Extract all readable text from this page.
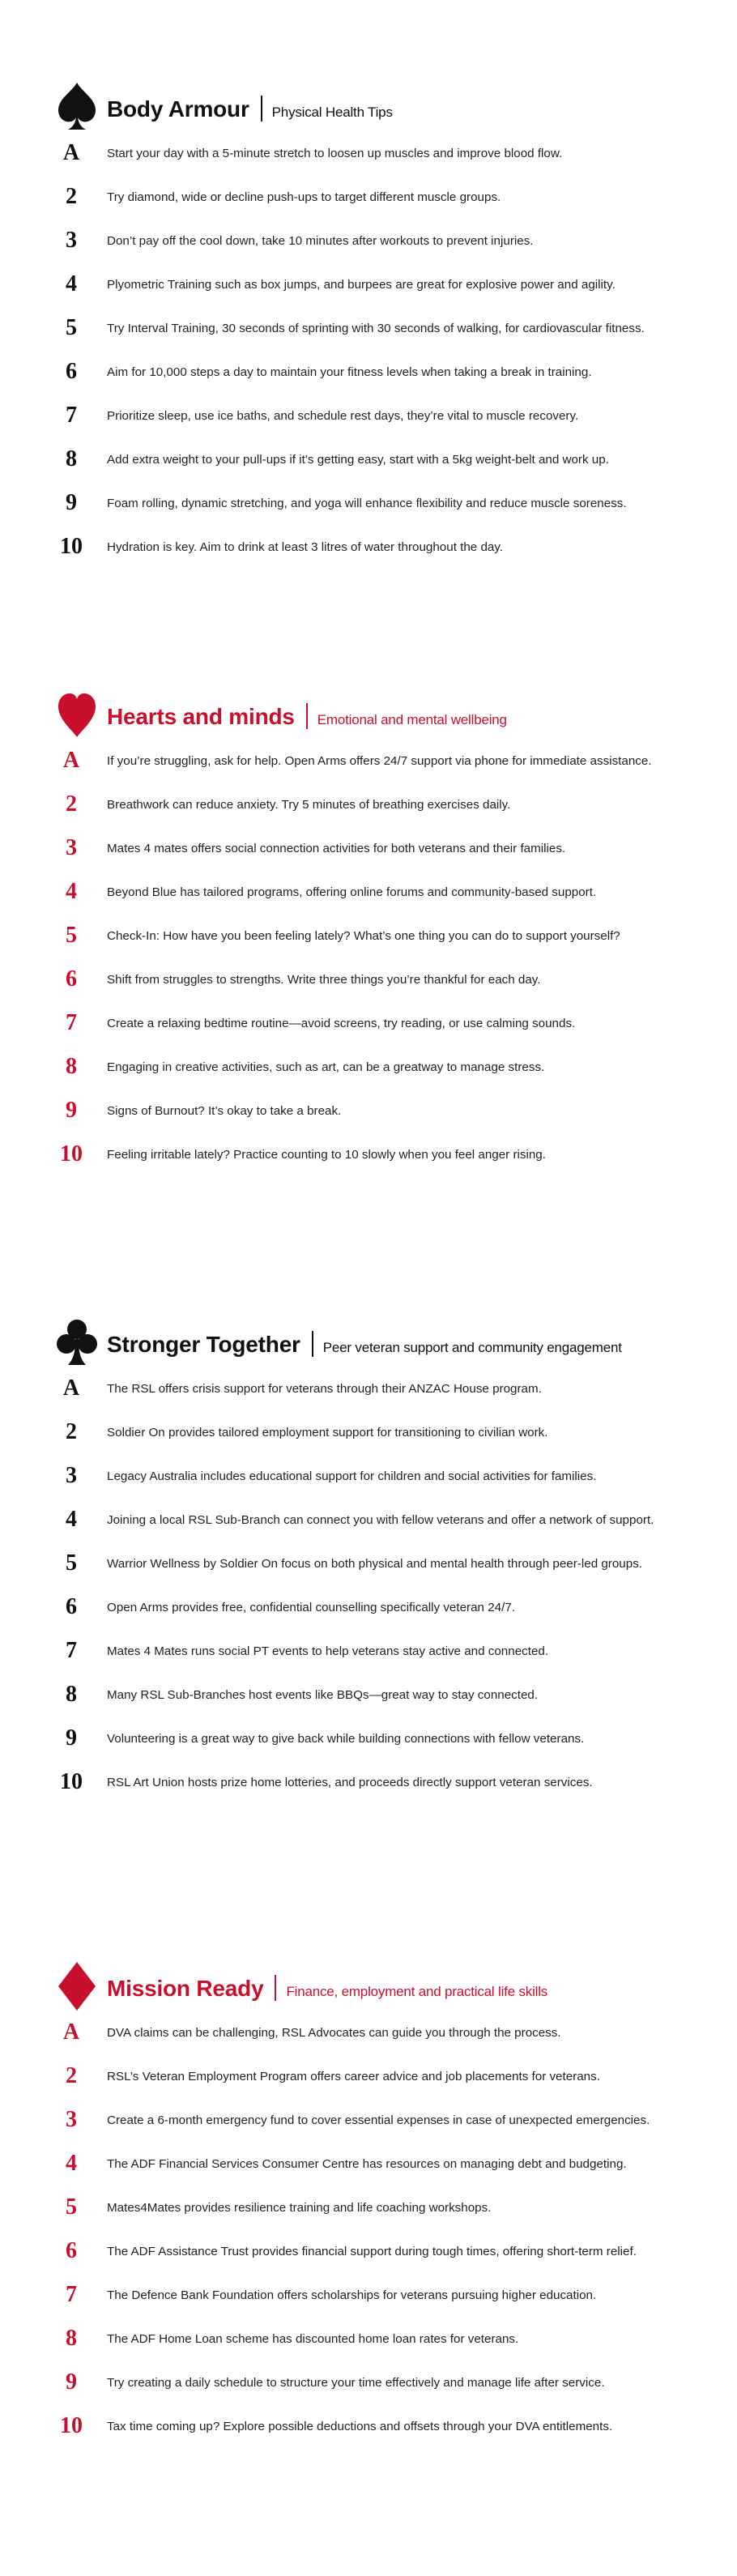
Body Armour Physical Health Tips
A	Start your day with a 5-minute stretch to loosen up muscles and improve blood flow.
2	Try diamond, wide or decline push-ups to target different muscle groups.
3	Don’t pay off the cool down, take 10 minutes after workouts to prevent injuries.
4	Plyometric Training such as box jumps, and burpees are great for explosive power and agility.
5	Try Interval Training, 30 seconds of sprinting with 30 seconds of walking, for cardiovascular fitness.
6	Aim for 10,000 steps a day to maintain your fitness levels when taking a break in training.
7	Prioritize sleep, use ice baths, and schedule rest days, they’re vital to muscle recovery.
8	Add extra weight to your pull-ups if it’s getting easy, start with a 5kg weight-belt and work up.
9	Foam rolling, dynamic stretching, and yoga will enhance flexibility and reduce muscle soreness.
10	Hydration is key. Aim to drink at least 3 litres of water throughout the day.
Hearts and minds Emotional and mental wellbeing
A	If you’re struggling, ask for help. Open Arms offers 24/7 support via phone for immediate assistance.
2	Breathwork can reduce anxiety. Try 5 minutes of breathing exercises daily.
3	Mates 4 mates offers social connection activities for both veterans and their families.
4	Beyond Blue has tailored programs, offering online forums and community-based support.
5	Check-In: How have you been feeling lately? What’s one thing you can do to support yourself?
6	Shift from struggles to strengths. Write three things you’re thankful for each day.
7	Create a relaxing bedtime routine—avoid screens, try reading, or use calming sounds.
8	Engaging in creative activities, such as art, can be a greatway to manage stress.
9	Signs of Burnout? It’s okay to take a break.
10	Feeling irritable lately? Practice counting to 10 slowly when you feel anger rising.
Stronger Together Peer veteran support and community engagement
A	The RSL offers crisis support for veterans through their ANZAC House program.
2	Soldier On provides tailored employment support for transitioning to civilian work.
3	Legacy Australia includes educational support for children and social activities for families.
4	Joining a local RSL Sub-Branch can connect you with fellow veterans and offer a network of support.
5	Warrior Wellness by Soldier On focus on both physical and mental health through peer-led groups.
6	Open Arms provides free, confidential counselling specifically veteran 24/7.
7	Mates 4 Mates runs social PT events to help veterans stay active and connected.
8	Many RSL Sub-Branches host events like BBQs—great way to stay connected.
9	Volunteering is a great way to give back while building connections with fellow veterans.
10	RSL Art Union hosts prize home lotteries, and proceeds directly support veteran services.
Mission Ready Finance, employment and practical life skills
A	DVA claims can be challenging, RSL Advocates can guide you through the process.
2	RSL’s Veteran Employment Program offers career advice and job placements for veterans.
3	Create a 6-month emergency fund to cover essential expenses in case of unexpected emergencies.
4	The ADF Financial Services Consumer Centre has resources on managing debt and budgeting.
5	Mates4Mates provides resilience training and life coaching workshops.
6	The ADF Assistance Trust provides financial support during tough times, offering short-term relief.
7	The Defence Bank Foundation offers scholarships for veterans pursuing higher education.
8	The ADF Home Loan scheme has discounted home loan rates for veterans.
9	Try creating a daily schedule to structure your time effectively and manage life after service.
10	Tax time coming up? Explore possible deductions and offsets through your DVA entitlements.
